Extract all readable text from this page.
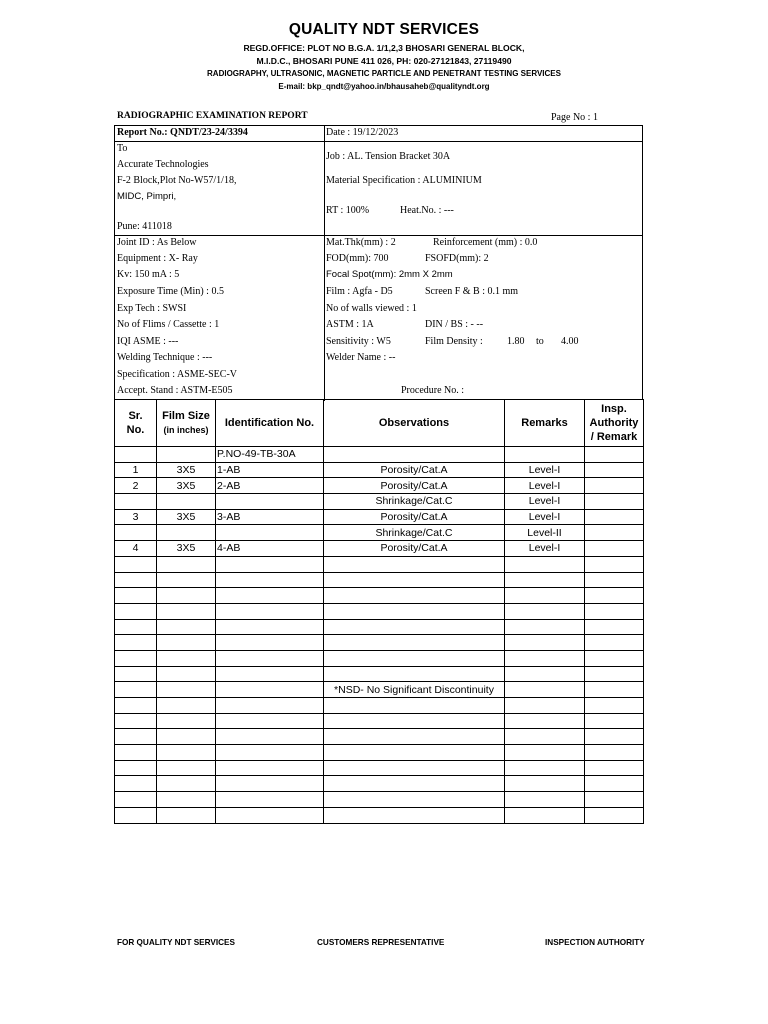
QUALITY NDT SERVICES
REGD.OFFICE: PLOT NO B.G.A. 1/1,2,3 BHOSARI GENERAL BLOCK,
M.I.D.C., BHOSARI PUNE 411 026, PH: 020-27121843, 27119490
RADIOGRAPHY, ULTRASONIC, MAGNETIC PARTICLE AND PENETRANT TESTING SERVICES
E-mail: bkp_qndt@yahoo.in/bhausaheb@qualityndt.org
RADIOGRAPHIC EXAMINATION REPORT	Page No : 1
Report No.: QNDT/23-24/3394	Date : 19/12/2023
To
Accurate Technologies
F-2 Block,Plot No-W57/1/18,
MIDC, Pimpri,
Pune: 411018
Job : AL. Tension Bracket 30A
Material Specification : ALUMINIUM
RT : 100%	Heat.No. : ---
Joint ID : As Below
Equipment : X- Ray
Kv: 150 mA : 5
Exposure Time (Min) : 0.5
Exp Tech : SWSI
No of Flims / Cassette : 1
IQI ASME : ---
Welding Technique : ---
Specification : ASME-SEC-V
Accept. Stand : ASTM-E505
Mat.Thk(mm) : 2	Reinforcement (mm) : 0.0
FOD(mm): 700	FSOFD(mm): 2
Focal Spot(mm): 2mm X 2mm
Film : Agfa - D5	Screen F & B : 0.1 mm
No of walls viewed : 1
ASTM : 1A	DIN / BS : - --
Sensitivity : W5	Film Density : 1.80 to 4.00
Welder Name : --
Procedure No. :
Sr.
No.	Film Size
(in inches)	Identification No.	Observations	Remarks	Insp.
Authority
/ Remark
		P.NO-49-TB-30A			
1	3X5	1-AB	Porosity/Cat.A	Level-I	
2	3X5	2-AB	Porosity/Cat.A	Level-I	
			Shrinkage/Cat.C	Level-I	
3	3X5	3-AB	Porosity/Cat.A	Level-I	
			Shrinkage/Cat.C	Level-II	
4	3X5	4-AB	Porosity/Cat.A	Level-I	

			*NSD- No Significant Discontinuity		

FOR QUALITY NDT SERVICES	CUSTOMERS REPRESENTATIVE	INSPECTION AUTHORITY
